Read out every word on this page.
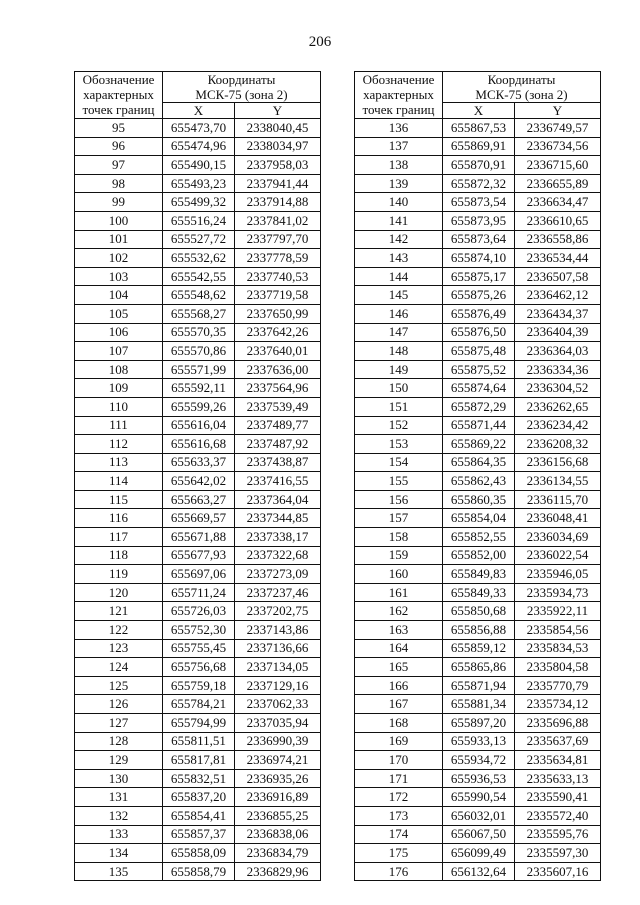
206
Обозначение
характерных
точек границ	Координаты
МСК-75 (зона 2)	
	X	Y
95	655473,70	2338040,45
96	655474,96	2338034,97
97	655490,15	2337958,03
98	655493,23	2337941,44
99	655499,32	2337914,88
100	655516,24	2337841,02
101	655527,72	2337797,70
102	655532,62	2337778,59
103	655542,55	2337740,53
104	655548,62	2337719,58
105	655568,27	2337650,99
106	655570,35	2337642,26
107	655570,86	2337640,01
108	655571,99	2337636,00
109	655592,11	2337564,96
110	655599,26	2337539,49
111	655616,04	2337489,77
112	655616,68	2337487,92
113	655633,37	2337438,87
114	655642,02	2337416,55
115	655663,27	2337364,04
116	655669,57	2337344,85
117	655671,88	2337338,17
118	655677,93	2337322,68
119	655697,06	2337273,09
120	655711,24	2337237,46
121	655726,03	2337202,75
122	655752,30	2337143,86
123	655755,45	2337136,66
124	655756,68	2337134,05
125	655759,18	2337129,16
126	655784,21	2337062,33
127	655794,99	2337035,94
128	655811,51	2336990,39
129	655817,81	2336974,21
130	655832,51	2336935,26
131	655837,20	2336916,89
132	655854,41	2336855,25
133	655857,37	2336838,06
134	655858,09	2336834,79
135	655858,79	2336829,96
Обозначение
характерных
точек границ	Координаты
МСК-75 (зона 2)	
	X	Y
136	655867,53	2336749,57
137	655869,91	2336734,56
138	655870,91	2336715,60
139	655872,32	2336655,89
140	655873,54	2336634,47
141	655873,95	2336610,65
142	655873,64	2336558,86
143	655874,10	2336534,44
144	655875,17	2336507,58
145	655875,26	2336462,12
146	655876,49	2336434,37
147	655876,50	2336404,39
148	655875,48	2336364,03
149	655875,52	2336334,36
150	655874,64	2336304,52
151	655872,29	2336262,65
152	655871,44	2336234,42
153	655869,22	2336208,32
154	655864,35	2336156,68
155	655862,43	2336134,55
156	655860,35	2336115,70
157	655854,04	2336048,41
158	655852,55	2336034,69
159	655852,00	2336022,54
160	655849,83	2335946,05
161	655849,33	2335934,73
162	655850,68	2335922,11
163	655856,88	2335854,56
164	655859,12	2335834,53
165	655865,86	2335804,58
166	655871,94	2335770,79
167	655881,34	2335734,12
168	655897,20	2335696,88
169	655933,13	2335637,69
170	655934,72	2335634,81
171	655936,53	2335633,13
172	655990,54	2335590,41
173	656032,01	2335572,40
174	656067,50	2335595,76
175	656099,49	2335597,30
176	656132,64	2335607,16
